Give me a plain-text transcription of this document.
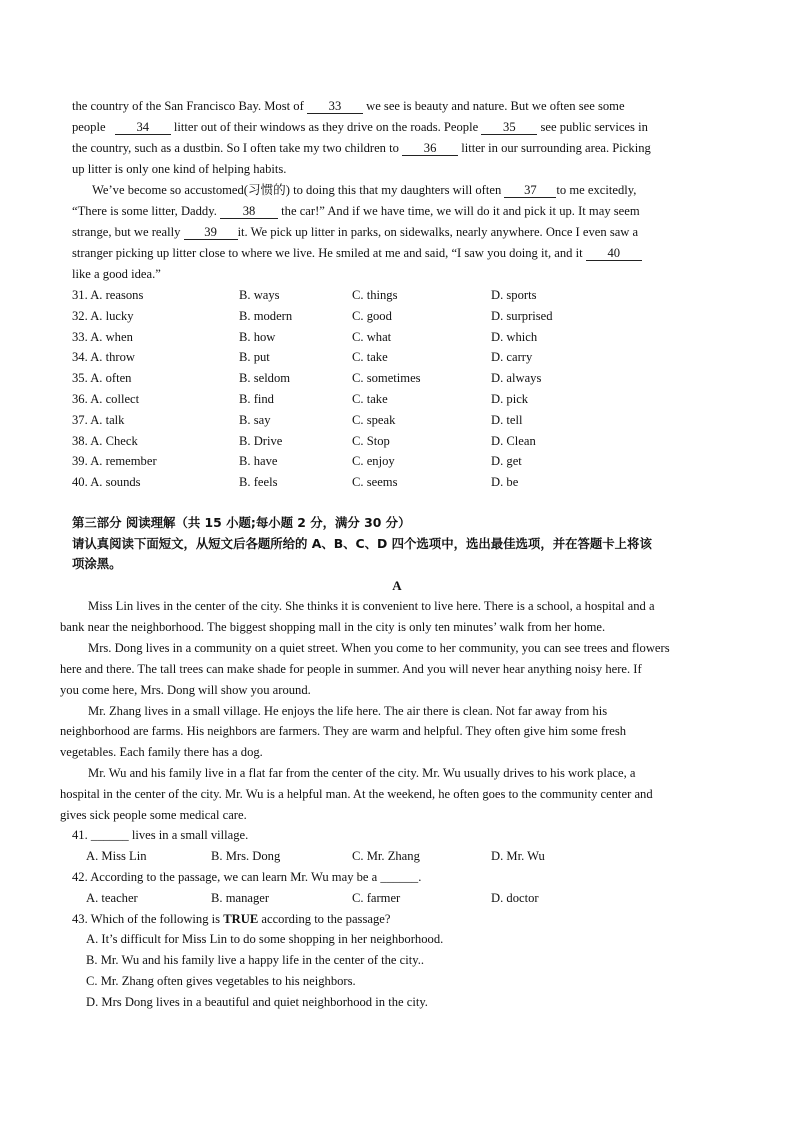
the country of the San Francisco Bay. Most of 33 we see is beauty and nature. But we often see some
people 34 litter out of their windows as they drive on the roads. People 35 see public services in
the country, such as a dustbin. So I often take my two children to 36 litter in our surrounding area. Picking
up litter is only one kind of helping habits.
We’ve become so accustomed(习惯的) to doing this that my daughters will often 37 to me excitedly,
“There is some litter, Daddy. 38 the car!” And if we have time, we will do it and pick it up. It may seem
strange, but we really 39 it. We pick up litter in parks, on sidewalks, nearly anywhere. Once I even saw a
stranger picking up litter close to where we live. He smiled at me and said, “I saw you doing it, and it 40
like a good idea.”
31. A. reasons	B. ways	C. things	D. sports
32. A. lucky	B. modern	C. good	D. surprised
33. A. when	B. how	C. what	D. which
34. A. throw	B. put	C. take	D. carry
35. A. often	B. seldom	C. sometimes	D. always
36. A. collect	B. find	C. take	D. pick
37. A. talk	B. say	C. speak	D. tell
38. A. Check	B. Drive	C. Stop	D. Clean
39. A. remember	B. have	C. enjoy	D. get
40. A. sounds	B. feels	C. seems	D. be
第三部分 阅读理解（共 15 小题;每小题 2 分，满分 30 分）
请认真阅读下面短文，从短文后各题所给的 A、B、C、D 四个选项中，选出最佳选项，并在答题卡上将该
项涂黑。
A
Miss Lin lives in the center of the city. She thinks it is convenient to live here. There is a school, a hospital and a
bank near the neighborhood. The biggest shopping mall in the city is only ten minutes’ walk from her home.
Mrs. Dong lives in a community on a quiet street. When you come to her community, you can see trees and flowers
here and there. The tall trees can make shade for people in summer. And you will never hear anything noisy here. If
you come here, Mrs. Dong will show you around.
Mr. Zhang lives in a small village. He enjoys the life here. The air there is clean. Not far away from his
neighborhood are farms. His neighbors are farmers. They are warm and helpful. They often give him some fresh
vegetables. Each family there has a dog.
Mr. Wu and his family live in a flat far from the center of the city. Mr. Wu usually drives to his work place, a
hospital in the center of the city. Mr. Wu is a helpful man. At the weekend, he often goes to the community center and
gives sick people some medical care.
41. ______ lives in a small village.
A. Miss Lin	B. Mrs. Dong	C. Mr. Zhang	D. Mr. Wu
42. According to the passage, we can learn Mr. Wu may be a ______.
A. teacher	B. manager	C. farmer	D. doctor
43. Which of the following is TRUE according to the passage?
A. It’s difficult for Miss Lin to do some shopping in her neighborhood.
B. Mr. Wu and his family live a happy life in the center of the city..
C. Mr. Zhang often gives vegetables to his neighbors.
D. Mrs Dong lives in a beautiful and quiet neighborhood in the city.
